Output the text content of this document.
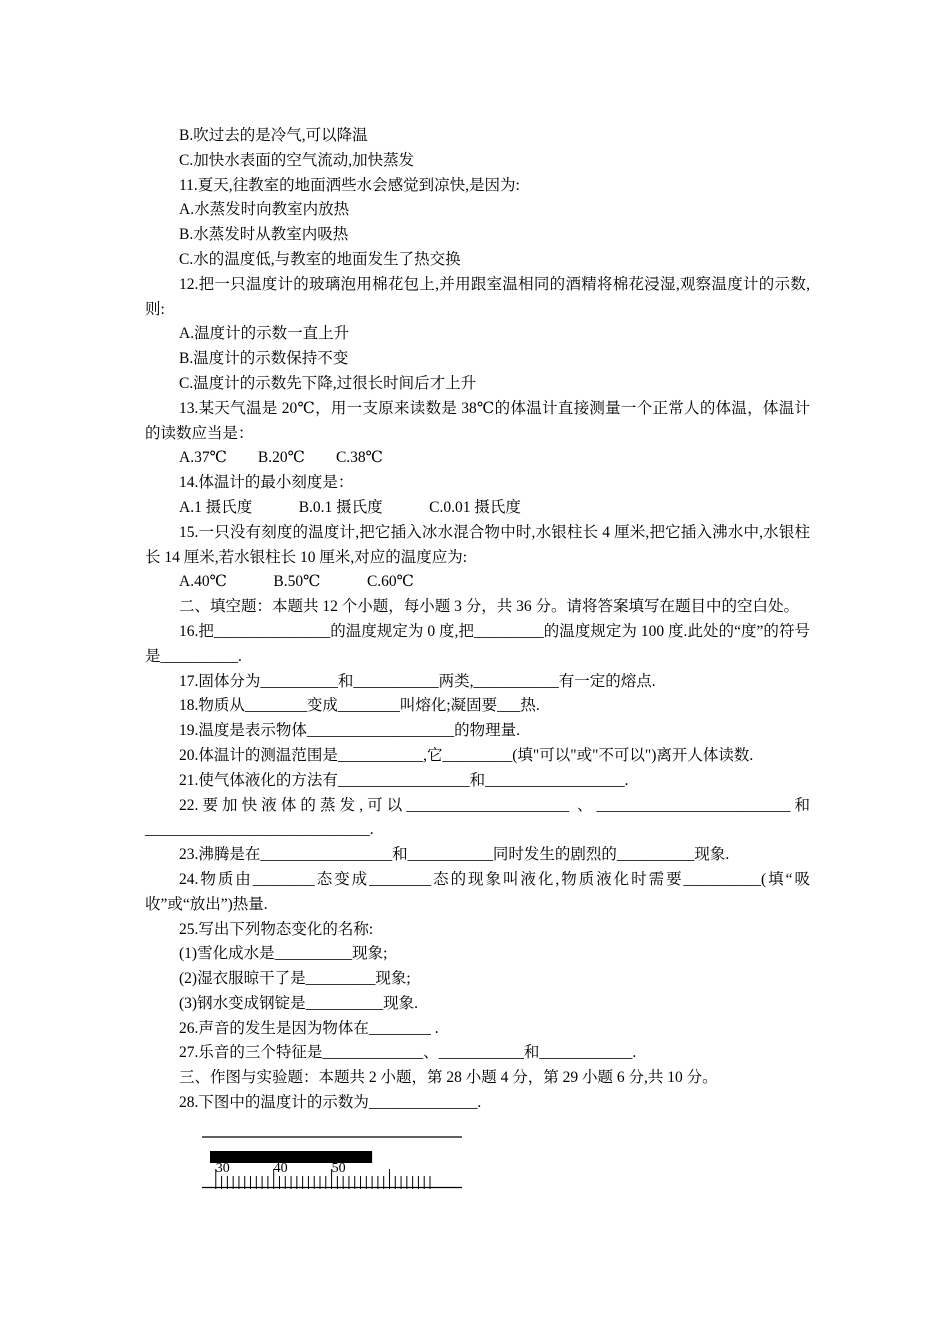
B.吹过去的是冷气,可以降温
C.加快水表面的空气流动,加快蒸发
11.夏天,往教室的地面洒些水会感觉到凉快,是因为:
A.水蒸发时向教室内放热
B.水蒸发时从教室内吸热
C.水的温度低,与教室的地面发生了热交换
12.把一只温度计的玻璃泡用棉花包上,并用跟室温相同的酒精将棉花浸湿,观察温度计的示数,则:
A.温度计的示数一直上升
B.温度计的示数保持不变
C.温度计的示数先下降,过很长时间后才上升
13.某天气温是 20℃，用一支原来读数是 38℃的体温计直接测量一个正常人的体温，体温计的读数应当是：
A.37℃　　B.20℃　　C.38℃
14.体温计的最小刻度是：
A.1 摄氏度　　　B.0.1 摄氏度　　　C.0.01 摄氏度
15.一只没有刻度的温度计,把它插入冰水混合物中时,水银柱长 4 厘米,把它插入沸水中,水银柱长 14 厘米,若水银柱长 10 厘米,对应的温度应为:
A.40℃　　　B.50℃　　　C.60℃
二、填空题：本题共 12 个小题，每小题 3 分，共 36 分。请将答案填写在题目中的空白处。
16.把_______________的温度规定为 0 度,把_________的温度规定为 100 度.此处的“度”的符号是__________.
17.固体分为__________和___________两类,___________有一定的熔点.
18.物质从________变成________叫熔化;凝固要___热.
19.温度是表示物体___________________的物理量.
20.体温计的测温范围是___________,它_________(填"可以"或"不可以")离开人体读数.
21.使气体液化的方法有_________________和__________________.
22.要加快液体的蒸发,可以_____________________ 、_________________________和_____________________________.
23.沸腾是在_________________和___________同时发生的剧烈的__________现象.
24.物质由________态变成________态的现象叫液化,物质液化时需要__________(填“吸收”或“放出”)热量.
25.写出下列物态变化的名称:
(1)雪化成水是__________现象;
(2)湿衣服晾干了是_________现象;
(3)钢水变成钢锭是__________现象.
26.声音的发生是因为物体在________ .
27.乐音的三个特征是_____________、___________和____________.
三、作图与实验题：本题共 2 小题，第 28 小题 4 分，第 29 小题 6 分,共 10 分。
28.下图中的温度计的示数为______________.
30	40	50
